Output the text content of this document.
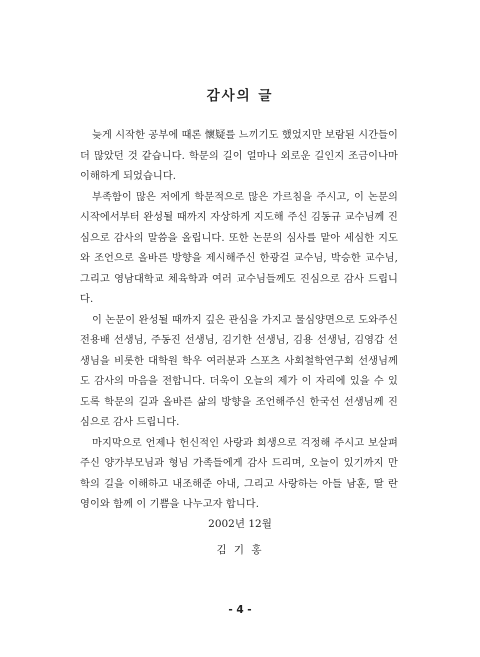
감사의 글

늦게 시작한 공부에 때론 懷疑를 느끼기도 했었지만 보람된 시간들이 더 많았던 것 같습니다. 학문의 길이 얼마나 외로운 길인지 조금이나마 이해하게 되었습니다.

부족함이 많은 저에게 학문적으로 많은 가르침을 주시고, 이 논문의 시작에서부터 완성될 때까지 자상하게 지도해 주신 김동규 교수님께 진심으로 감사의 말씀을 올립니다. 또한 논문의 심사를 맡아 세심한 지도와 조언으로 올바른 방향을 제시해주신 한광걸 교수님, 박승한 교수님, 그리고 영남대학교 체육학과 여러 교수님들께도 진심으로 감사 드립니다.

이 논문이 완성될 때까지 깊은 관심을 가지고 물심양면으로 도와주신 전용배 선생님, 주동진 선생님, 김기한 선생님, 김용 선생님, 김영갑 선생님을 비롯한 대학원 학우 여러분과 스포츠 사회철학연구회 선생님께도 감사의 마음을 전합니다. 더욱이 오늘의 제가 이 자리에 있을 수 있도록 학문의 길과 올바른 삶의 방향을 조언해주신 한국선 선생님께 진심으로 감사 드립니다.

마지막으로 언제나 헌신적인 사랑과 희생으로 걱정해 주시고 보살펴 주신 양가부모님과 형님 가족들에게 감사 드리며, 오늘이 있기까지 만학의 길을 이해하고 내조해준 아내, 그리고 사랑하는 아들 남훈, 딸 란영이와 함께 이 기쁨을 나누고자 합니다.

2002년 12월

김 기 홍

- 4 -
